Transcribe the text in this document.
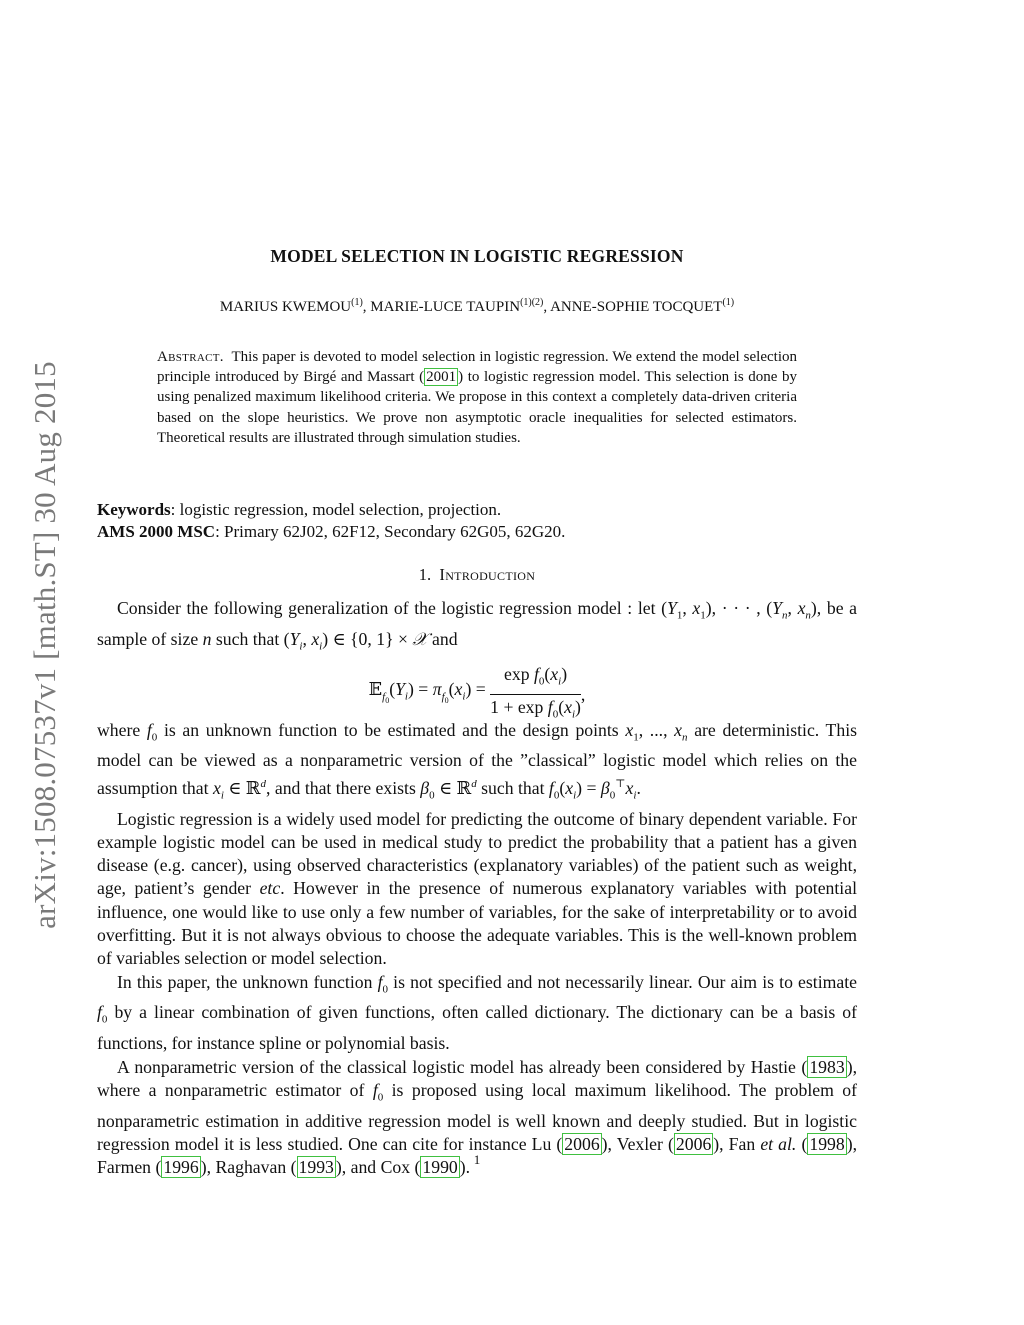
arXiv:1508.07537v1 [math.ST] 30 Aug 2015
MODEL SELECTION IN LOGISTIC REGRESSION
MARIUS KWEMOU$^{(1)}$, MARIE-LUCE $TAUPIN^{(1)(2)}$, ANNE-SOPHIE TOCQUET$^{(1)}$
Abstract. This paper is devoted to model selection in logistic regression. We extend the model selection principle introduced by Birgé and Massart ( 2001 ) to logistic regression model. This selection is done by using penalized maximum likelihood criteria. We propose in this context a completely data-driven criteria based on the slope heuristics. We prove non asymptotic oracle inequalities for selected estimators. Theoretical results are illustrated through simulation studies.
Keywords: logistic regression, model selection, projection.
AMS 2000 MSC: Primary 62J02, 62F12, Secondary 62G05, 62G20.
1. Introduction

Consider the following generalization of the logistic regression model : let ($Y_1$, $x_1$), · · · , ($Y_n$, $x_n$), be a sample of size n such that ($Y_i$, $x_i$) ∈ {0, 1} × 𝒳 and

$𝔼_{f_0}(Y_i) = \pi_{f_0}(x_i) = \frac{\exp f_0(x_i)}{1 + \exp f_0(x_i)}$ ,

where $f_0$ is an unknown function to be estimated and the design points $x_1$, ..., $x_n$ are deterministic. This model can be viewed as a nonparametric version of the ”classical” logistic model which relies on the assumption that $x_i$ ∈ ℝ$^d$, and that there exists $\beta_0$ ∈ ℝ$^d$ such that $f_0(x_i) = \beta_0^⊤x_i$.

Logistic regression is a widely used model for predicting the outcome of binary dependent variable. For example logistic model can be used in medical study to predict the probability that a patient has a given disease (e.g. cancer), using observed characteristics (explanatory variables) of the patient such as weight, age, patient’s gender etc. However in the presence of numerous explanatory variables with potential influence, one would like to use only a few number of variables, for the sake of interpretability or to avoid overfitting. But it is not always obvious to choose the adequate variables. This is the well-known problem of variables selection or model selection.

In this paper, the unknown function $f_0$ is not specified and not necessarily linear. Our aim is to estimate $f_0$ by a linear combination of given functions, often called dictionary. The dictionary can be a basis of functions, for instance spline or polynomial basis.

A nonparametric version of the classical logistic model has already been considered by Hastie ( 1983 ), where a nonparametric estimator of $f_0$ is proposed using local maximum likelihood. The problem of nonparametric estimation in additive regression model is well known and deeply studied. But in logistic regression model it is less studied. One can cite for instance Lu ( 2006 ), Vexler ( 2006 ), Fan et al. ( 1998 ), Farmen ( 1996 ), Raghavan ( 1993 ), and Cox ( 1990 ). 1
